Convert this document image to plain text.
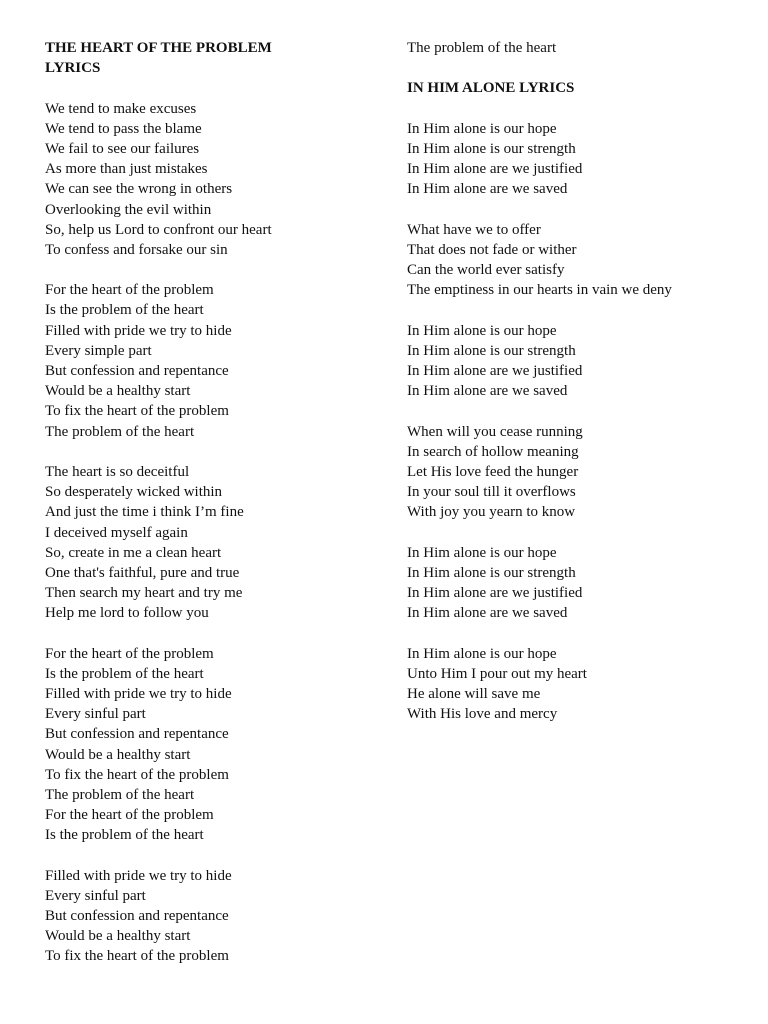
THE HEART OF THE PROBLEM
LYRICS
We tend to make excuses
We tend to pass the blame
We fail to see our failures
As more than just mistakes
We can see the wrong in others
Overlooking the evil within
So, help us Lord to confront our heart
To confess and forsake our sin
For the heart of the problem
Is the problem of the heart
Filled with pride we try to hide
Every simple part
But confession and repentance
Would be a healthy start
To fix the heart of the problem
The problem of the heart
The heart is so deceitful
So desperately wicked within
And just the time i think I’m fine
I deceived myself again
So, create in me a clean heart
One that's faithful, pure and true
Then search my heart and try me
Help me lord to follow you
For the heart of the problem
Is the problem of the heart
Filled with pride we try to hide
Every sinful part
But confession and repentance
Would be a healthy start
To fix the heart of the problem
The problem of the heart
For the heart of the problem
Is the problem of the heart
Filled with pride we try to hide
Every sinful part
But confession and repentance
Would be a healthy start
To fix the heart of the problem
The problem of the heart
IN HIM ALONE LYRICS
In Him alone is our hope
In Him alone is our strength
In Him alone are we justified
In Him alone are we saved
What have we to offer
That does not fade or wither
Can the world ever satisfy
The emptiness in our hearts in vain we deny
In Him alone is our hope
In Him alone is our strength
In Him alone are we justified
In Him alone are we saved
When will you cease running
In search of hollow meaning
Let His love feed the hunger
In your soul till it overflows
With joy you yearn to know
In Him alone is our hope
In Him alone is our strength
In Him alone are we justified
In Him alone are we saved
In Him alone is our hope
Unto Him I pour out my heart
He alone will save me
With His love and mercy
